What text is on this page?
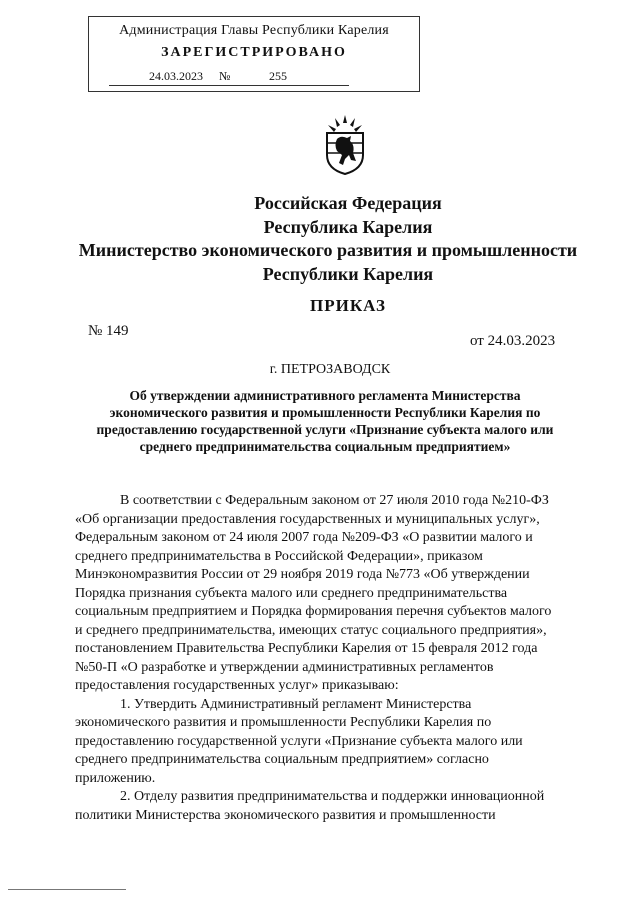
Администрация Главы Республики Карелия
ЗАРЕГИСТРИРОВАНО
24.03.2023 №	255
Российская Федерация
Республика Карелия
Министерство экономического развития и промышленности
Республики Карелия
ПРИКАЗ
№ 149
от 24.03.2023
г. ПЕТРОЗАВОДСК
Об утверждении административного регламента Министерства
экономического развития и промышленности Республики Карелия по
предоставлению государственной услуги «Признание субъекта малого или
среднего предпринимательства социальным предприятием»
В соответствии с Федеральным законом от 27 июля 2010 года №210-ФЗ
«Об организации предоставления государственных и муниципальных услуг»,
Федеральным законом от 24 июля 2007 года №209-ФЗ «О развитии малого и
среднего предпринимательства в Российской Федерации», приказом
Минэкономразвития России от 29 ноября 2019 года №773 «Об утверждении
Порядка признания субъекта малого или среднего предпринимательства
социальным предприятием и Порядка формирования перечня субъектов малого
и среднего предпринимательства, имеющих статус социального предприятия»,
постановлением Правительства Республики Карелия от 15 февраля 2012 года
№50-П «О разработке и утверждении административных регламентов
предоставления государственных услуг» приказываю:
1. Утвердить Административный регламент Министерства
экономического развития и промышленности Республики Карелия по
предоставлению государственной услуги «Признание субъекта малого или
среднего предпринимательства социальным предприятием» согласно
приложению.
2. Отделу развития предпринимательства и поддержки инновационной
политики Министерства экономического развития и промышленности
